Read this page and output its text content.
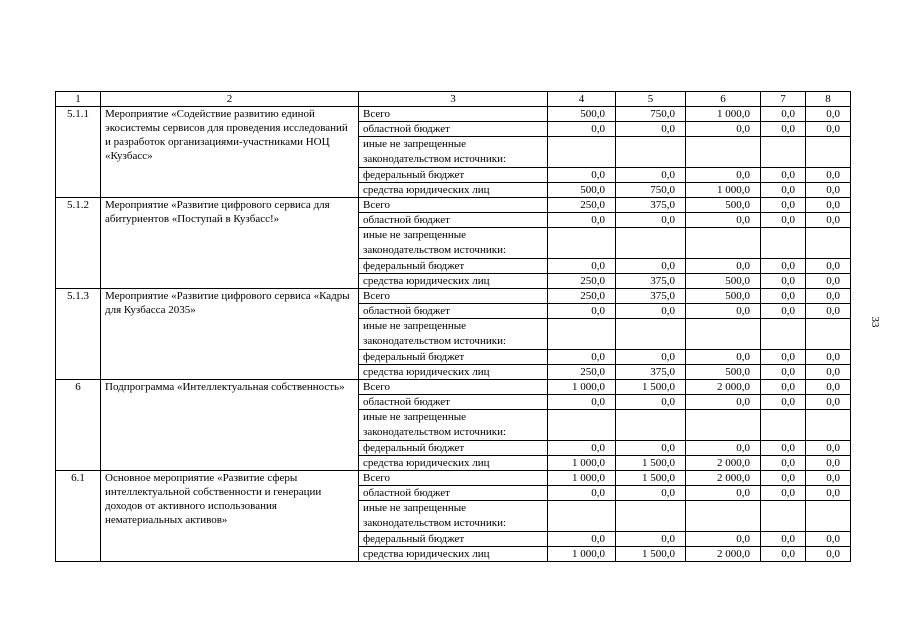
1	2	3	4	5	6	7	8
5.1.1	Мероприятие «Содействие развитию единой экосистемы сервисов для проведения исследований и разработок организациями-участниками НОЦ «Кузбасс»	Всего	500,0	750,0	1 000,0	0,0	0,0
		областной бюджет	0,0	0,0	0,0	0,0	0,0
		иные не запрещенные законодательством источники:					
		федеральный бюджет	0,0	0,0	0,0	0,0	0,0
		средства юридических лиц	500,0	750,0	1 000,0	0,0	0,0
5.1.2	Мероприятие «Развитие цифрового сервиса для абитуриентов «Поступай в Кузбасс!»	Всего	250,0	375,0	500,0	0,0	0,0
		областной бюджет	0,0	0,0	0,0	0,0	0,0
		иные не запрещенные законодательством источники:					
		федеральный бюджет	0,0	0,0	0,0	0,0	0,0
		средства юридических лиц	250,0	375,0	500,0	0,0	0,0
5.1.3	Мероприятие «Развитие цифрового сервиса «Кадры для Кузбасса 2035»	Всего	250,0	375,0	500,0	0,0	0,0
		областной бюджет	0,0	0,0	0,0	0,0	0,0
		иные не запрещенные законодательством источники:					
		федеральный бюджет	0,0	0,0	0,0	0,0	0,0
		средства юридических лиц	250,0	375,0	500,0	0,0	0,0
6	Подпрограмма «Интеллектуальная собственность»	Всего	1 000,0	1 500,0	2 000,0	0,0	0,0
		областной бюджет	0,0	0,0	0,0	0,0	0,0
		иные не запрещенные законодательством источники:					
		федеральный бюджет	0,0	0,0	0,0	0,0	0,0
		средства юридических лиц	1 000,0	1 500,0	2 000,0	0,0	0,0
6.1	Основное мероприятие «Развитие сферы интеллектуальной собственности и генерации доходов от активного использования нематериальных активов»	Всего	1 000,0	1 500,0	2 000,0	0,0	0,0
		областной бюджет	0,0	0,0	0,0	0,0	0,0
		иные не запрещенные законодательством источники:					
		федеральный бюджет	0,0	0,0	0,0	0,0	0,0
		средства юридических лиц	1 000,0	1 500,0	2 000,0	0,0	0,0
33
